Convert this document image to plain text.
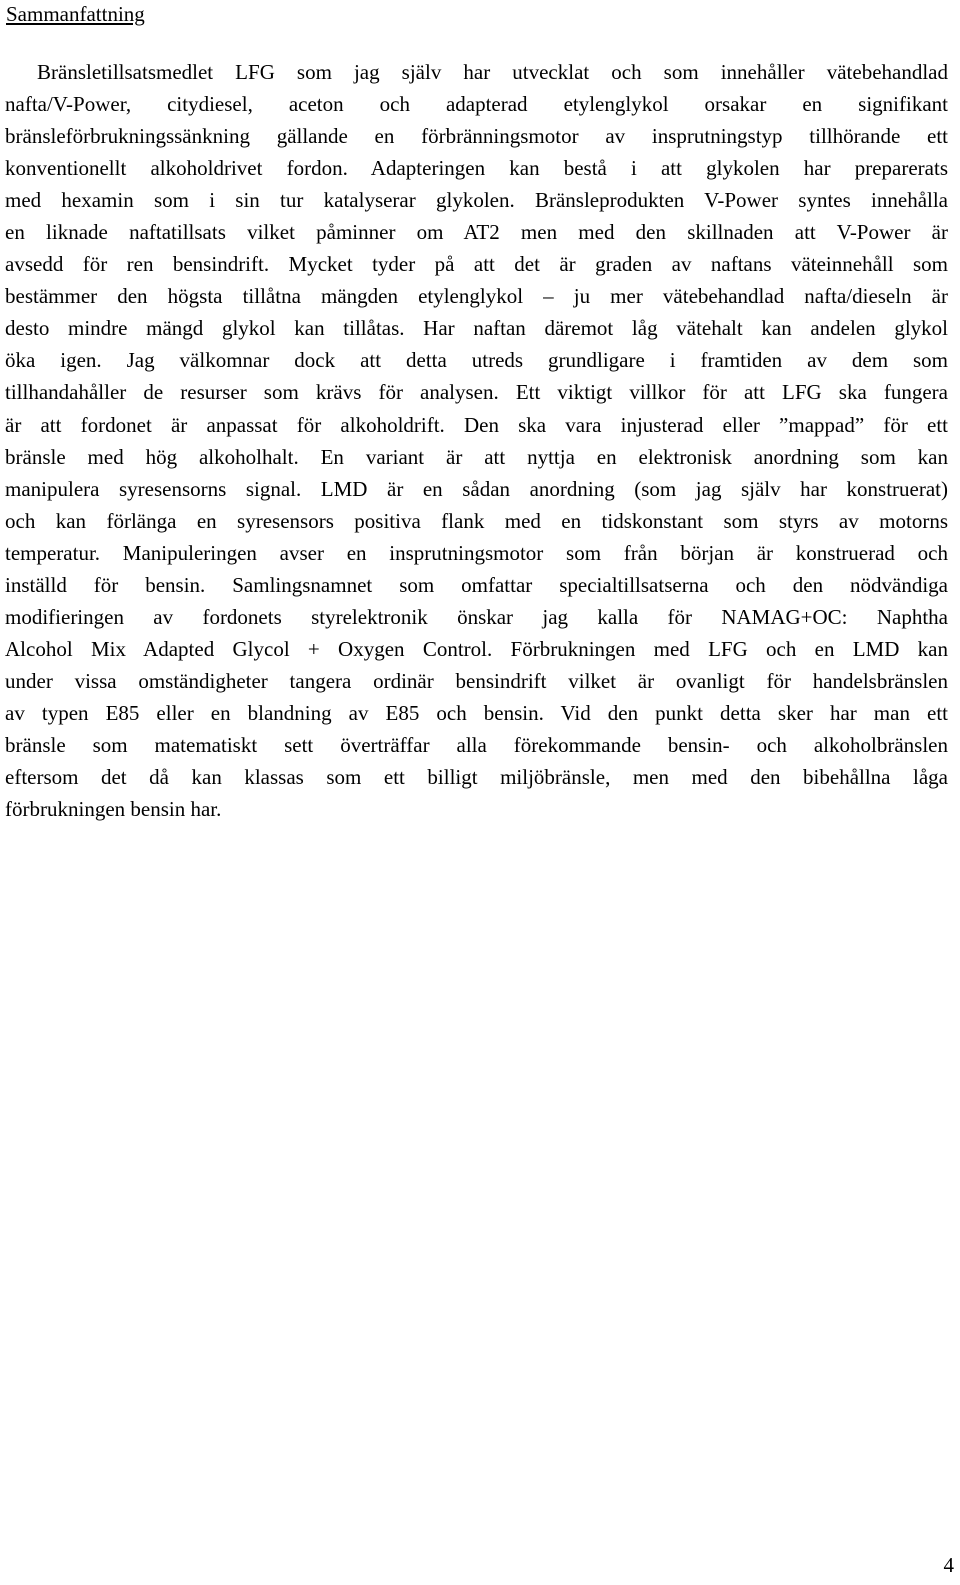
Sammanfattning
Bränsletillsatsmedlet LFG som jag själv har utvecklat och som innehåller vätebehandlad
nafta/V-Power, citydiesel, aceton och adapterad etylenglykol orsakar en signifikant
bränsleförbrukningssänkning gällande en förbränningsmotor av insprutningstyp tillhörande ett
konventionellt alkoholdrivet fordon. Adapteringen kan bestå i att glykolen har preparerats
med hexamin som i sin tur katalyserar glykolen. Bränsleprodukten V-Power syntes innehålla
en liknade naftatillsats vilket påminner om AT2 men med den skillnaden att V-Power är
avsedd för ren bensindrift. Mycket tyder på att det är graden av naftans väteinnehåll som
bestämmer den högsta tillåtna mängden etylenglykol – ju mer vätebehandlad nafta/dieseln är
desto mindre mängd glykol kan tillåtas. Har naftan däremot låg vätehalt kan andelen glykol
öka igen. Jag välkomnar dock att detta utreds grundligare i framtiden av dem som
tillhandahåller de resurser som krävs för analysen. Ett viktigt villkor för att LFG ska fungera
är att fordonet är anpassat för alkoholdrift. Den ska vara injusterad eller ”mappad” för ett
bränsle med hög alkoholhalt. En variant är att nyttja en elektronisk anordning som kan
manipulera syresensorns signal. LMD är en sådan anordning (som jag själv har konstruerat)
och kan förlänga en syresensors positiva flank med en tidskonstant som styrs av motorns
temperatur. Manipuleringen avser en insprutningsmotor som från början är konstruerad och
inställd för bensin. Samlingsnamnet som omfattar specialtillsatserna och den nödvändiga
modifieringen av fordonets styrelektronik önskar jag kalla för NAMAG+OC: Naphtha
Alcohol Mix Adapted Glycol + Oxygen Control. Förbrukningen med LFG och en LMD kan
under vissa omständigheter tangera ordinär bensindrift vilket är ovanligt för handelsbränslen
av typen E85 eller en blandning av E85 och bensin. Vid den punkt detta sker har man ett
bränsle som matematiskt sett överträffar alla förekommande bensin- och alkoholbränslen
eftersom det då kan klassas som ett billigt miljöbränsle, men med den bibehållna låga
förbrukningen bensin har.
4
